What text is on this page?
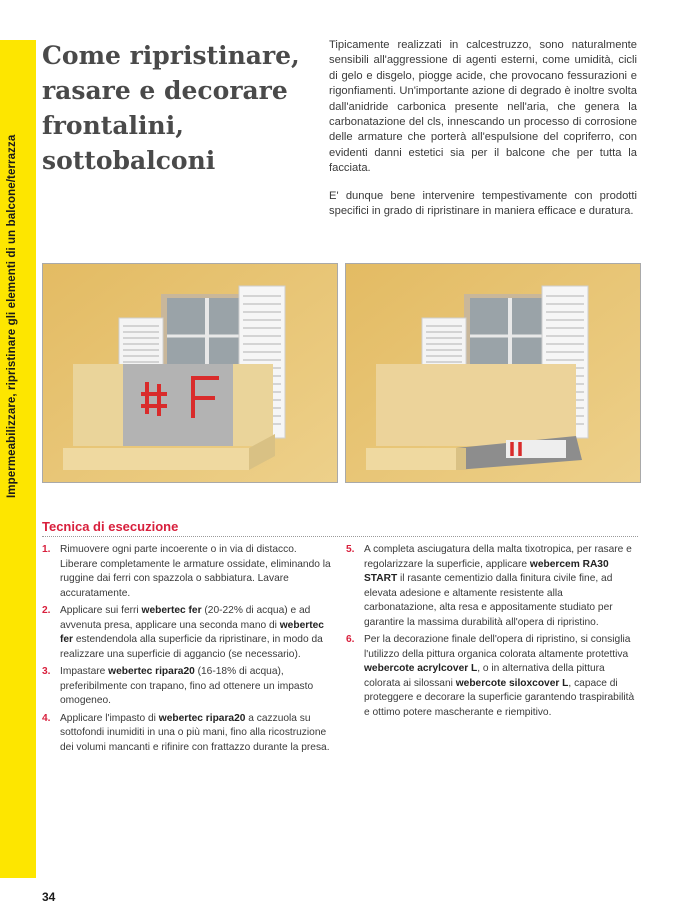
Impermeabilizzare, ripristinare gli elementi di un balcone/terrazza
Come ripristinare, rasare e decorare frontalini, sottobalconi

Tipicamente realizzati in calcestruzzo, sono naturalmente sensibili all'aggressione di agenti esterni, come umidità, cicli di gelo e disgelo, piogge acide, che provocano fessurazioni e rigonfiamenti. Un'importante azione di degrado è inoltre svolta dall'anidride carbonica presente nell'aria, che genera la carbonatazione del cls, innescando un processo di corrosione delle armature che porterà all'espulsione del copriferro, con evidenti danni estetici sia per il balcone che per tutta la facciata.

E' dunque bene intervenire tempestivamente con prodotti specifici in grado di ripristinare in maniera efficace e duratura.

Tecnica di esecuzione
1. Rimuovere ogni parte incoerente o in via di distacco. Liberare completamente le armature ossidate, eliminando la ruggine dai ferri con spazzola o sabbiatura. Lavare accuratamente.
2. Applicare sui ferri webertec fer (20-22% di acqua) e ad avvenuta presa, applicare una seconda mano di webertec fer estendendola alla superficie da ripristinare, in modo da realizzare una superficie di aggancio (se necessario).
3. Impastare webertec ripara20 (16-18% di acqua), preferibilmente con trapano, fino ad ottenere un impasto omogeneo.
4. Applicare l'impasto di webertec ripara20 a cazzuola su sottofondi inumiditi in una o più mani, fino alla ricostruzione dei volumi mancanti e rifinire con frattazzo durante la presa.
5. A completa asciugatura della malta tixotropica, per rasare e regolarizzare la superficie, applicare webercem RA30 START il rasante cementizio dalla finitura civile fine, ad elevata adesione e altamente resistente alla carbonatazione, alta resa e appositamente studiato per garantire la massima durabilità all'opera di ripristino.
6. Per la decorazione finale dell'opera di ripristino, si consiglia l'utilizzo della pittura organica colorata altamente protettiva webercote acrylcover L, o in alternativa della pittura colorata ai silossani webercote siloxcover L, capace di proteggere e decorare la superficie garantendo traspirabilità e ottimo potere mascherante e riempitivo.
34
